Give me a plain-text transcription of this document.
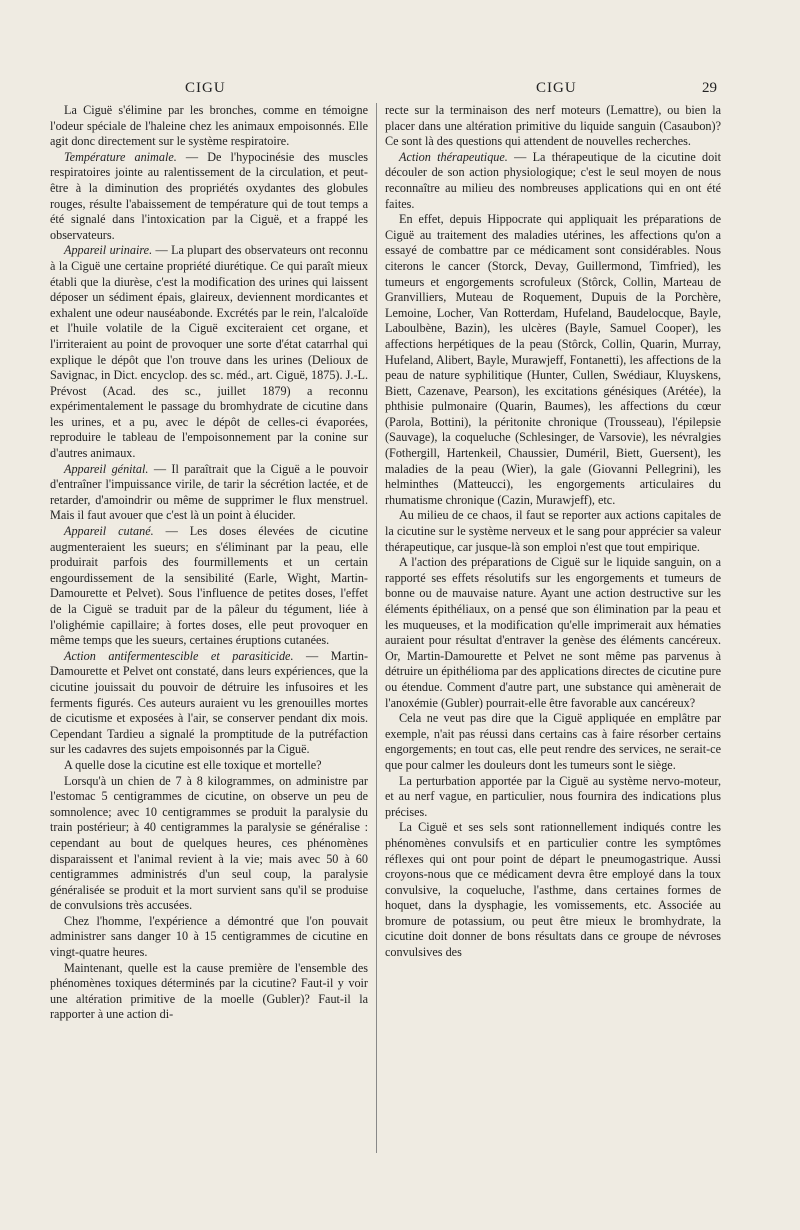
CIGU	CIGU	29

La Ciguë s'élimine par les bronches, comme en témoigne l'odeur spéciale de l'haleine chez les animaux empoisonnés. Elle agit donc directement sur le système respiratoire.

Température animale. — De l'hypocinésie des muscles respiratoires jointe au ralentissement de la circulation, et peut-être à la diminution des propriétés oxydantes des globules rouges, résulte l'abaissement de température qui de tout temps a été signalé dans l'intoxication par la Ciguë, et a frappé les observateurs.

Appareil urinaire. — La plupart des observateurs ont reconnu à la Ciguë une certaine propriété diurétique. Ce qui paraît mieux établi que la diurèse, c'est la modification des urines qui laissent déposer un sédiment épais, glaireux, deviennent mordicantes et exhalent une odeur nauséabonde. Excrétés par le rein, l'alcaloïde et l'huile volatile de la Ciguë exciteraient cet organe, et l'irriteraient au point de provoquer une sorte d'état catarrhal qui explique le dépôt que l'on trouve dans les urines (Delioux de Savignac, in Dict. encyclop. des sc. méd., art. Ciguë, 1875). J.-L. Prévost (Acad. des sc., juillet 1879) a reconnu expérimentalement le passage du bromhydrate de cicutine dans les urines, et a pu, avec le dépôt de celles-ci évaporées, reproduire le tableau de l'empoisonnement par la conine sur d'autres animaux.

Appareil génital. — Il paraîtrait que la Ciguë a le pouvoir d'entraîner l'impuissance virile, de tarir la sécrétion lactée, et de retarder, d'amoindrir ou même de supprimer le flux menstruel. Mais il faut avouer que c'est là un point à élucider.

Appareil cutané. — Les doses élevées de cicutine augmenteraient les sueurs; en s'éliminant par la peau, elle produirait parfois des fourmillements et un certain engourdissement de la sensibilité (Earle, Wight, Martin-Damourette et Pelvet). Sous l'influence de petites doses, l'effet de la Ciguë se traduit par de la pâleur du tégument, liée à l'olighémie capillaire; à fortes doses, elle peut provoquer en même temps que les sueurs, certaines éruptions cutanées.

Action antifermentescible et parasiticide. — Martin-Damourette et Pelvet ont constaté, dans leurs expériences, que la cicutine jouissait du pouvoir de détruire les infusoires et les ferments figurés. Ces auteurs auraient vu les grenouilles mortes de cicutisme et exposées à l'air, se conserver pendant dix mois. Cependant Tardieu a signalé la promptitude de la putréfaction sur les cadavres des sujets empoisonnés par la Ciguë.

A quelle dose la cicutine est elle toxique et mortelle?

Lorsqu'à un chien de 7 à 8 kilogrammes, on administre par l'estomac 5 centigrammes de cicutine, on observe un peu de somnolence; avec 10 centigrammes se produit la paralysie du train postérieur; à 40 centigrammes la paralysie se généralise : cependant au bout de quelques heures, ces phénomènes disparaissent et l'animal revient à la vie; mais avec 50 à 60 centigrammes administrés d'un seul coup, la paralysie généralisée se produit et la mort survient sans qu'il se produise de convulsions très accusées.

Chez l'homme, l'expérience a démontré que l'on pouvait administrer sans danger 10 à 15 centigrammes de cicutine en vingt-quatre heures.

Maintenant, quelle est la cause première de l'ensemble des phénomènes toxiques déterminés par la cicutine? Faut-il y voir une altération primitive de la moelle (Gubler)? Faut-il la rapporter à une action di-

recte sur la terminaison des nerf moteurs (Lemattre), ou bien la placer dans une altération primitive du liquide sanguin (Casaubon)? Ce sont là des questions qui attendent de nouvelles recherches.

Action thérapeutique. — La thérapeutique de la cicutine doit découler de son action physiologique; c'est le seul moyen de nous reconnaître au milieu des nombreuses applications qui en ont été faites.

En effet, depuis Hippocrate qui appliquait les préparations de Ciguë au traitement des maladies utérines, les affections qu'on a essayé de combattre par ce médicament sont considérables. Nous citerons le cancer (Storck, Devay, Guillermond, Timfried), les tumeurs et engorgements scrofuleux (Stôrck, Collin, Marteau de Granvilliers, Muteau de Roquement, Dupuis de la Porchère, Lemoine, Locher, Van Rotterdam, Hufeland, Baudelocque, Bayle, Laboulbène, Bazin), les ulcères (Bayle, Samuel Cooper), les affections herpétiques de la peau (Stôrck, Collin, Quarin, Murray, Hufeland, Alibert, Bayle, Murawjeff, Fontanetti), les affections de la peau de nature syphilitique (Hunter, Cullen, Swédiaur, Kluyskens, Biett, Cazenave, Pearson), les excitations génésiques (Arétée), la phthisie pulmonaire (Quarin, Baumes), les affections du cœur (Parola, Bottini), la péritonite chronique (Trousseau), l'épilepsie (Sauvage), la coqueluche (Schlesinger, de Varsovie), les névralgies (Fothergill, Hartenkeil, Chaussier, Duméril, Biett, Guersent), les maladies de la peau (Wier), la gale (Giovanni Pellegrini), les helminthes (Matteucci), les engorgements articulaires du rhumatisme chronique (Cazin, Murawjeff), etc.

Au milieu de ce chaos, il faut se reporter aux actions capitales de la cicutine sur le système nerveux et le sang pour apprécier sa valeur thérapeutique, car jusque-là son emploi n'est que tout empirique.

A l'action des préparations de Ciguë sur le liquide sanguin, on a rapporté ses effets résolutifs sur les engorgements et tumeurs de bonne ou de mauvaise nature. Ayant une action destructive sur les éléments épithéliaux, on a pensé que son élimination par la peau et les muqueuses, et la modification qu'elle imprimerait aux hématies auraient pour résultat d'entraver la genèse des éléments cancéreux. Or, Martin-Damourette et Pelvet ne sont même pas parvenus à détruire un épithélioma par des applications directes de cicutine pure ou étendue. Comment d'autre part, une substance qui amènerait de l'anoxémie (Gubler) pourrait-elle être favorable aux cancéreux?

Cela ne veut pas dire que la Ciguë appliquée en emplâtre par exemple, n'ait pas réussi dans certains cas à faire résorber certains engorgements; en tout cas, elle peut rendre des services, ne serait-ce que pour calmer les douleurs dont les tumeurs sont le siège.

La perturbation apportée par la Ciguë au système nervo-moteur, et au nerf vague, en particulier, nous fournira des indications plus précises.

La Ciguë et ses sels sont rationnellement indiqués contre les phénomènes convulsifs et en particulier contre les symptômes réflexes qui ont pour point de départ le pneumogastrique. Aussi croyons-nous que ce médicament devra être employé dans la toux convulsive, la coqueluche, l'asthme, dans certaines formes de hoquet, dans la dysphagie, les vomissements, etc. Associée au bromure de potassium, ou peut être mieux le bromhydrate, la cicutine doit donner de bons résultats dans ce groupe de névroses convulsives des
